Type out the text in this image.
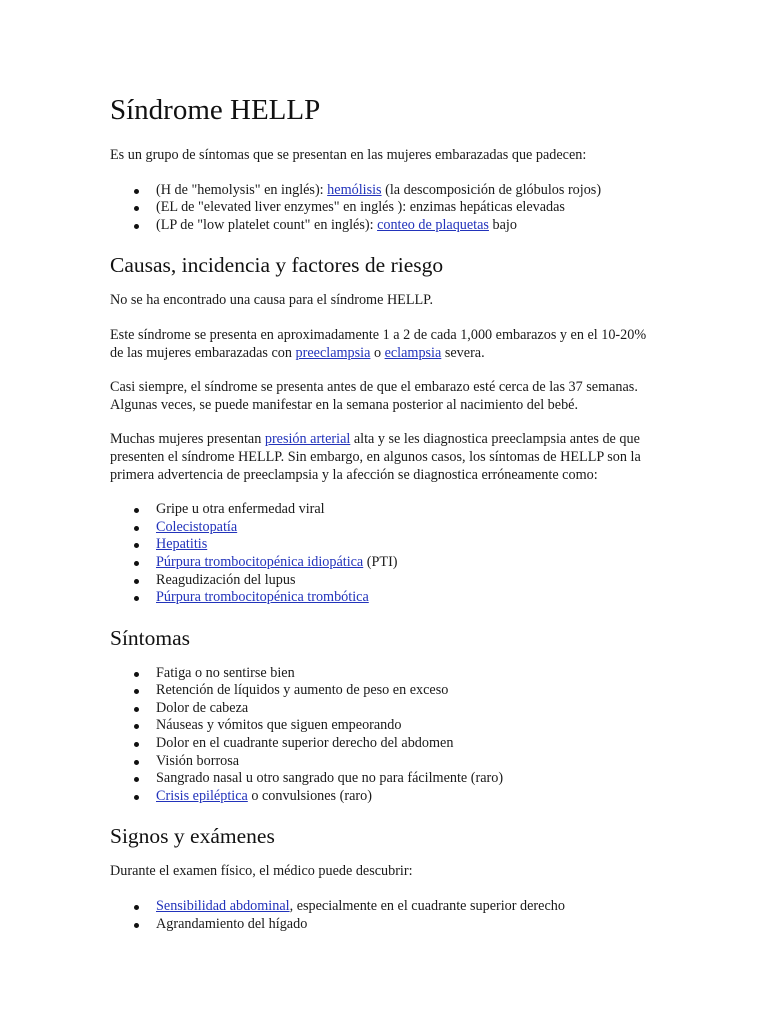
Síndrome HELLP

Es un grupo de síntomas que se presentan en las mujeres embarazadas que padecen:

(H de "hemolysis" en inglés): hemólisis (la descomposición de glóbulos rojos)
(EL de "elevated liver enzymes" en inglés ): enzimas hepáticas elevadas
(LP de "low platelet count" en inglés): conteo de plaquetas bajo
Causas, incidencia y factores de riesgo

No se ha encontrado una causa para el síndrome HELLP.

Este síndrome se presenta en aproximadamente 1 a 2 de cada 1,000 embarazos y en el 10-20% de las mujeres embarazadas con preeclampsia o eclampsia severa.

Casi siempre, el síndrome se presenta antes de que el embarazo esté cerca de las 37 semanas. Algunas veces, se puede manifestar en la semana posterior al nacimiento del bebé.

Muchas mujeres presentan presión arterial alta y se les diagnostica preeclampsia antes de que presenten el síndrome HELLP. Sin embargo, en algunos casos, los síntomas de HELLP son la primera advertencia de preeclampsia y la afección se diagnostica erróneamente como:

Gripe u otra enfermedad viral
Colecistopatía
Hepatitis
Púrpura trombocitopénica idiopática (PTI)
Reagudización del lupus
Púrpura trombocitopénica trombótica
Síntomas
Fatiga o no sentirse bien
Retención de líquidos y aumento de peso en exceso
Dolor de cabeza
Náuseas y vómitos que siguen empeorando
Dolor en el cuadrante superior derecho del abdomen
Visión borrosa
Sangrado nasal u otro sangrado que no para fácilmente (raro)
Crisis epiléptica o convulsiones (raro)
Signos y exámenes

Durante el examen físico, el médico puede descubrir:

Sensibilidad abdominal, especialmente en el cuadrante superior derecho
Agrandamiento del hígado
